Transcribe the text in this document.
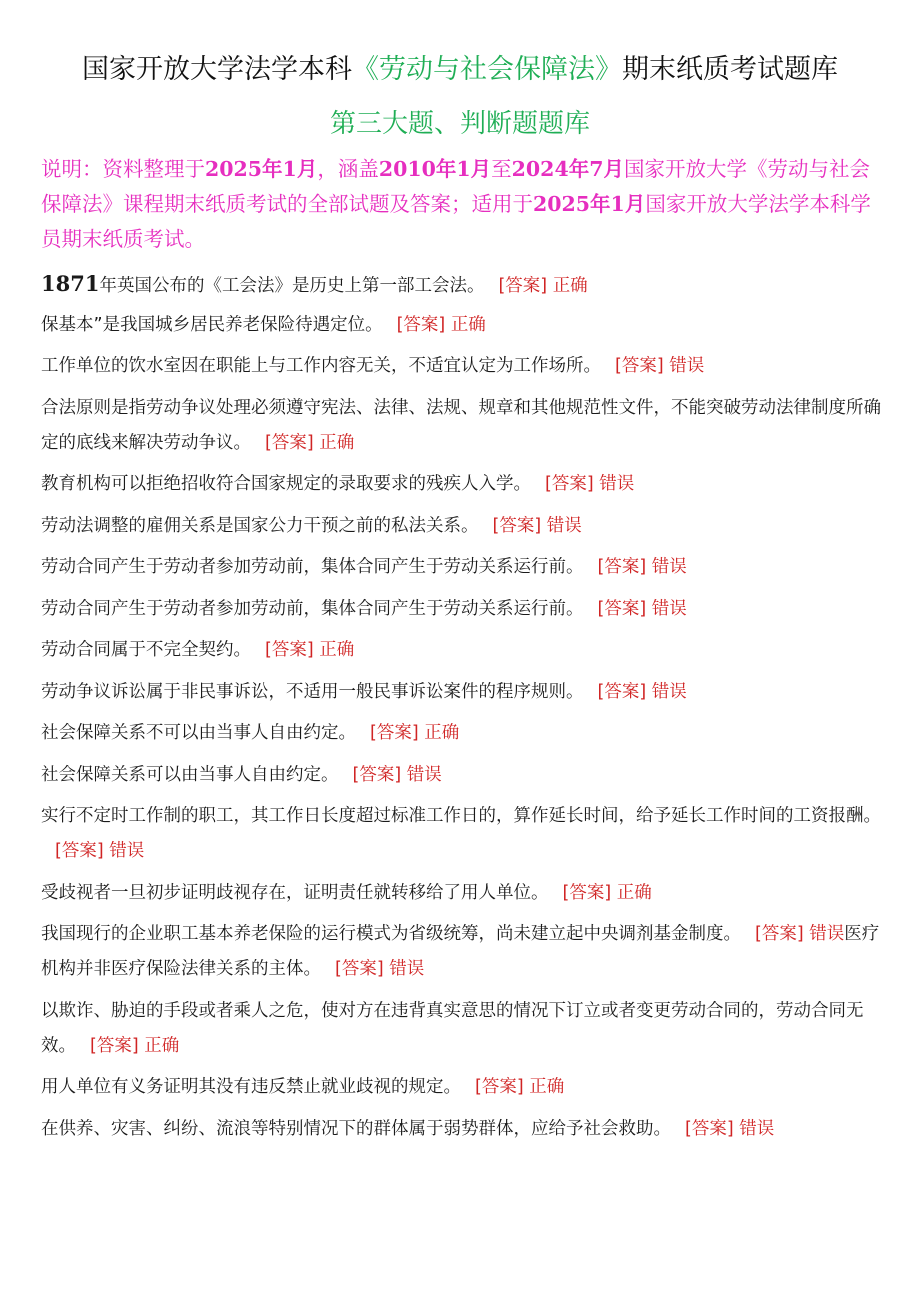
国家开放大学法学本科《劳动与社会保障法》期末纸质考试题库
第三大题、判断题题库
说明：资料整理于2025年1月，涵盖2010年1月至2024年7月国家开放大学《劳动与社会保障法》课程期末纸质考试的全部试题及答案；适用于2025年1月国家开放大学法学本科学员期末纸质考试。
1871年英国公布的《工会法》是历史上第一部工会法。 [答案] 正确
保基本”是我国城乡居民养老保险待遇定位。 [答案] 正确
工作单位的饮水室因在职能上与工作内容无关，不适宜认定为工作场所。 [答案] 错误
合法原则是指劳动争议处理必须遵守宪法、法律、法规、规章和其他规范性文件，不能突破劳动法律制度所确定的底线来解决劳动争议。 [答案] 正确
教育机构可以拒绝招收符合国家规定的录取要求的残疾人入学。 [答案] 错误
劳动法调整的雇佣关系是国家公力干预之前的私法关系。 [答案] 错误
劳动合同产生于劳动者参加劳动前，集体合同产生于劳动关系运行前。 [答案] 错误
劳动合同产生于劳动者参加劳动前，集体合同产生于劳动关系运行前。 [答案] 错误
劳动合同属于不完全契约。 [答案] 正确
劳动争议诉讼属于非民事诉讼，不适用一般民事诉讼案件的程序规则。 [答案] 错误
社会保障关系不可以由当事人自由约定。 [答案] 正确
社会保障关系可以由当事人自由约定。 [答案] 错误
实行不定时工作制的职工，其工作日长度超过标准工作日的，算作延长时间，给予延长工作时间的工资报酬。[答案] 错误
受歧视者一旦初步证明歧视存在，证明责任就转移给了用人单位。 [答案] 正确
我国现行的企业职工基本养老保险的运行模式为省级统筹，尚未建立起中央调剂基金制度。 [答案] 错误医疗机构并非医疗保险法律关系的主体。 [答案] 错误
以欺诈、胁迫的手段或者乘人之危，使对方在违背真实意思的情况下订立或者变更劳动合同的，劳动合同无效。 [答案] 正确
用人单位有义务证明其没有违反禁止就业歧视的规定。 [答案] 正确
在供养、灾害、纠纷、流浪等特别情况下的群体属于弱势群体，应给予社会救助。 [答案] 错误
